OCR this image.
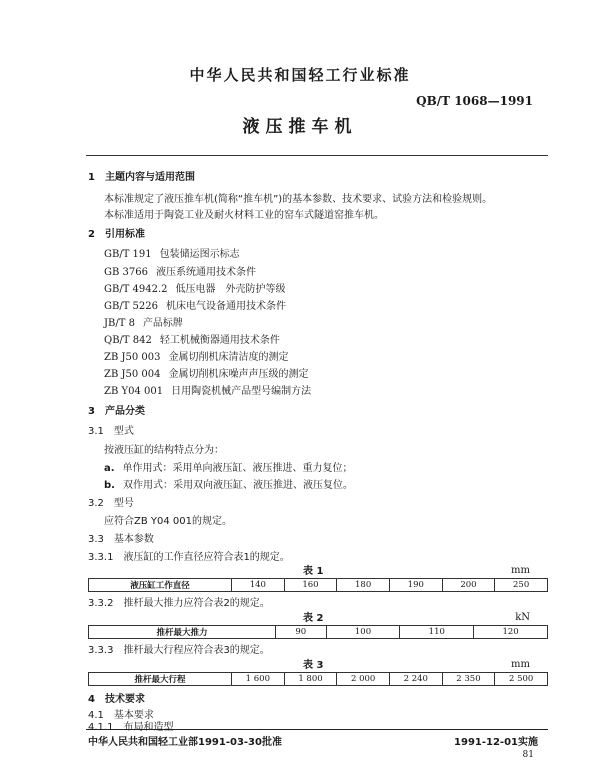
中华人民共和国轻工行业标准
QB/T 1068—1991
液压推车机
1　主题内容与适用范围
本标准规定了液压推车机(简称“推车机”)的基本参数、技术要求、试验方法和检验规则。
本标准适用于陶瓷工业及耐火材料工业的窑车式隧道窑推车机。
2　引用标准
GB/T 191 包装储运图示标志
GB 3766 液压系统通用技术条件
GB/T 4942.2 低压电器　外壳防护等级
GB/T 5226 机床电气设备通用技术条件
JB/T 8 产品标牌
QB/T 842 轻工机械衡器通用技术条件
ZB J50 003 金属切削机床清洁度的测定
ZB J50 004 金属切削机床噪声声压级的测定
ZB Y04 001 日用陶瓷机械产品型号编制方法
3　产品分类
3.1　型式
按液压缸的结构特点分为：
a. 单作用式：采用单向液压缸、液压推进、重力复位；
b. 双作用式：采用双向液压缸、液压推进、液压复位。
3.2　型号
应符合ZB Y04 001的规定。
3.3　基本参数
3.3.1　液压缸的工作直径应符合表1的规定。
表 1	mm
液压缸工作直径	140	160	180	190	200	250
3.3.2　推杆最大推力应符合表2的规定。
表 2	kN
推杆最大推力	90	100	110	120
3.3.3　推杆最大行程应符合表3的规定。
表 3	mm
推杆最大行程	1 600	1 800	2 000	2 240	2 350	2 500
4　技术要求
4.1　基本要求
4.1.1　布局和造型
中华人民共和国轻工业部1991-03-30批准	1991-12-01实施
81
